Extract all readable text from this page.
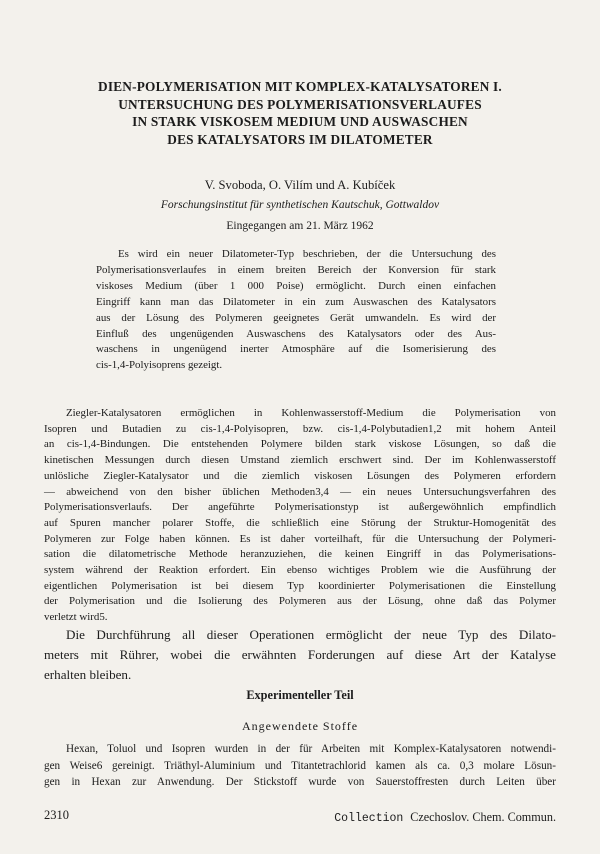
DIEN-POLYMERISATION MIT KOMPLEX-KATALYSATOREN I.
UNTERSUCHUNG DES POLYMERISATIONSVERLAUFES
IN STARK VISKOSEM MEDIUM UND AUSWASCHEN
DES KATALYSATORS IM DILATOMETER
V. Svoboda, O. Vilím und A. Kubíček
Forschungsinstitut für synthetischen Kautschuk, Gottwaldov
Eingegangen am 21. März 1962
Es wird ein neuer Dilatometer-Typ beschrieben, der die Untersuchung des
Polymerisationsverlaufes in einem breiten Bereich der Konversion für stark
viskoses Medium (über 1 000 Poise) ermöglicht. Durch einen einfachen
Eingriff kann man das Dilatometer in ein zum Auswaschen des Katalysators
aus der Lösung des Polymeren geeignetes Gerät umwandeln. Es wird der
Einfluß des ungenügenden Auswaschens des Katalysators oder des Aus-
waschens in ungenügend inerter Atmosphäre auf die Isomerisierung des
cis-1,4-Polyisoprens gezeigt.
Ziegler-Katalysatoren ermöglichen in Kohlenwasserstoff-Medium die Polymerisation von
Isopren und Butadien zu cis-1,4-Polyisopren, bzw. cis-1,4-Polybutadien1,2 mit hohem Anteil
an cis-1,4-Bindungen. Die entstehenden Polymere bilden stark viskose Lösungen, so daß die
kinetischen Messungen durch diesen Umstand ziemlich erschwert sind. Der im Kohlenwasserstoff
unlösliche Ziegler-Katalysator und die ziemlich viskosen Lösungen des Polymeren erfordern
— abweichend von den bisher üblichen Methoden3,4 — ein neues Untersuchungsverfahren des
Polymerisationsverlaufs. Der angeführte Polymerisationstyp ist außergewöhnlich empfindlich
auf Spuren mancher polarer Stoffe, die schließlich eine Störung der Struktur-Homogenität des
Polymeren zur Folge haben können. Es ist daher vorteilhaft, für die Untersuchung der Polymeri-
sation die dilatometrische Methode heranzuziehen, die keinen Eingriff in das Polymerisations-
system während der Reaktion erfordert. Ein ebenso wichtiges Problem wie die Ausführung der
eigentlichen Polymerisation ist bei diesem Typ koordinierter Polymerisationen die Einstellung
der Polymerisation und die Isolierung des Polymeren aus der Lösung, ohne daß das Polymer
verletzt wird5.
Die Durchführung all dieser Operationen ermöglicht der neue Typ des Dilato-
meters mit Rührer, wobei die erwähnten Forderungen auf diese Art der Katalyse
erhalten bleiben.
Experimenteller Teil
Angewendete Stoffe
Hexan, Toluol und Isopren wurden in der für Arbeiten mit Komplex-Katalysatoren notwendi-
gen Weise6 gereinigt. Triäthyl-Aluminium und Titantetrachlorid kamen als ca. 0,3 molare Lösun-
gen in Hexan zur Anwendung. Der Stickstoff wurde von Sauerstoffresten durch Leiten über
2310	Collection Czechoslov. Chem. Commun.
